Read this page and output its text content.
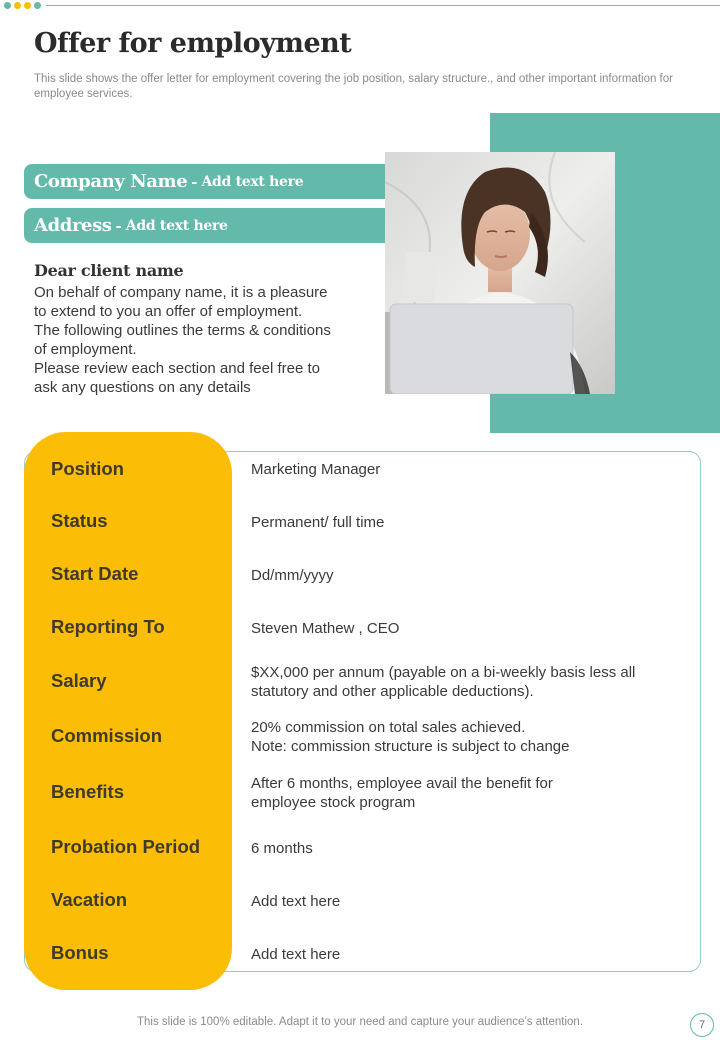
Offer for employment

This slide shows the offer letter for employment covering the job position, salary structure., and other important information for employee services.

Company Name - Add text here
Address - Add text here
Dear client name

On behalf of company name, it is a pleasure

to extend to you an offer of employment.

The following outlines the terms & conditions

of employment.

Please review each section and feel free to

ask any questions on any details

Position
Status
Start Date
Reporting To
Salary
Commission
Benefits
Probation Period
Vacation
Bonus
Marketing Manager
Permanent/ full time
Dd/mm/yyyy
Steven Mathew , CEO
$XX,000 per annum (payable on a bi-weekly basis less all
statutory and other applicable deductions).
20% commission on total sales achieved.
Note: commission structure is subject to change
After 6 months, employee avail the benefit for
employee stock program
6 months
Add text here
Add text here
This slide is 100% editable. Adapt it to your need and capture your audience’s attention.	7
